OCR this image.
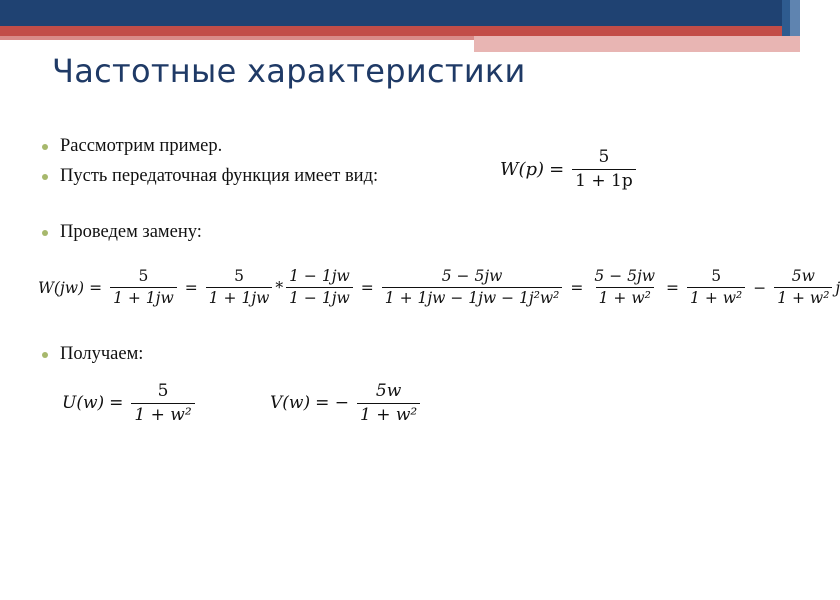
Частотные характеристики
Рассмотрим пример.
Пусть передаточная функция имеет вид:
Проведем замену:
Получаем:
$W(p) = \frac{5}{1 + 1p}$
$W(jw) = \frac{5}{1 + 1jw} = \frac{5}{1 + 1jw} * \frac{1 - 1jw}{1 - 1jw} = \frac{5 - 5jw}{\text{1 + 1jw − 1jw − 1j²w²}} = \frac{5 - 5jw}{\text{1 + w²}} = \frac{5}{\text{1 + w²}} - \frac{5w}{\text{1 + w²}}$ j
$U(w) = \frac{5}{\text{1 + w²}}$	V(w) = − $\frac{5w}{\text{1 + w²}}$
